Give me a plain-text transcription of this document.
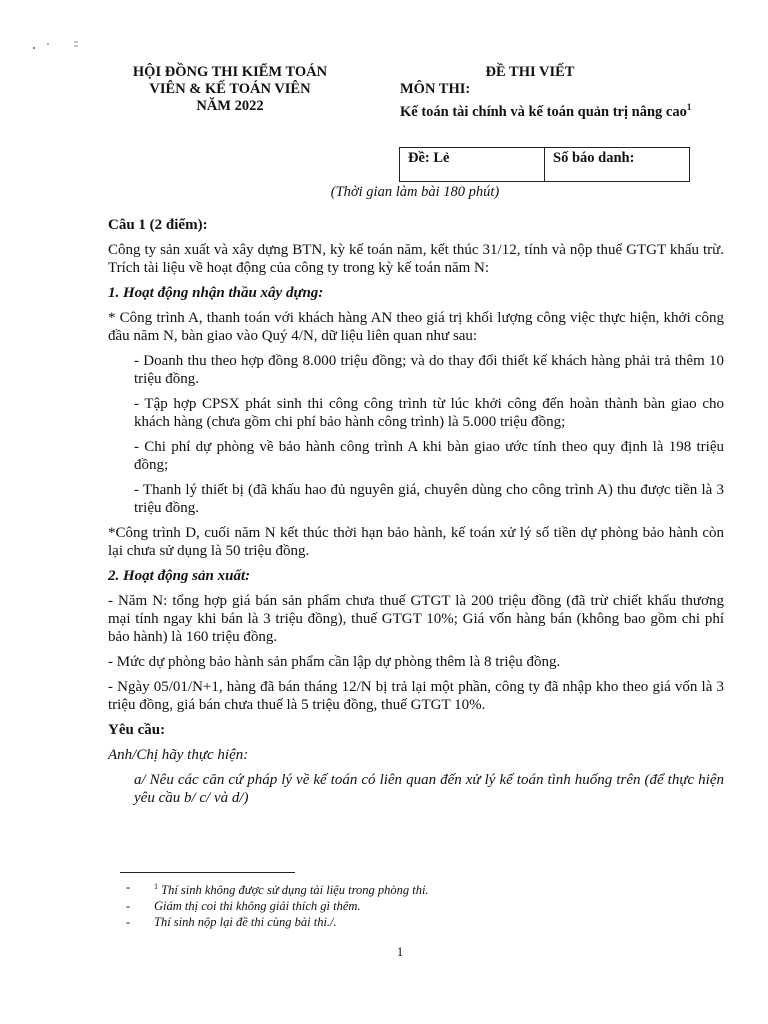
HỘI ĐỒNG THI KIỂM TOÁN
VIÊN & KẾ TOÁN VIÊN
NĂM 2022
ĐỀ THI VIẾT
MÔN THI:
Kế toán tài chính và kế toán quản trị nâng cao$^1$
Đề: Lẻ	Số báo danh:
(Thời gian làm bài 180 phút)

Câu 1 (2 điểm):

Công ty sản xuất và xây dựng BTN, kỳ kế toán năm, kết thúc 31/12, tính và nộp thuế GTGT khấu trừ. Trích tài liệu về hoạt động của công ty trong kỳ kế toán năm N:

1. Hoạt động nhận thầu xây dựng:

* Công trình A, thanh toán với khách hàng AN theo giá trị khối lượng công việc thực hiện, khởi công đầu năm N, bàn giao vào Quý 4/N, dữ liệu liên quan như sau:

- Doanh thu theo hợp đồng 8.000 triệu đồng; và do thay đổi thiết kế khách hàng phải trả thêm 10 triệu đồng.

- Tập hợp CPSX phát sinh thi công công trình từ lúc khởi công đến hoàn thành bàn giao cho khách hàng (chưa gồm chi phí bảo hành công trình) là 5.000 triệu đồng;

- Chi phí dự phòng về bảo hành công trình A khi bàn giao ước tính theo quy định là 198 triệu đồng;

- Thanh lý thiết bị (đã khấu hao đủ nguyên giá, chuyên dùng cho công trình A) thu được tiền là 3 triệu đồng.

*Công trình D, cuối năm N kết thúc thời hạn bảo hành, kế toán xử lý số tiền dự phòng bảo hành còn lại chưa sử dụng là 50 triệu đồng.

2. Hoạt động sản xuất:

- Năm N: tổng hợp giá bán sản phẩm chưa thuế GTGT là 200 triệu đồng (đã trừ chiết khấu thương mại tính ngay khi bán là 3 triệu đồng), thuế GTGT 10%; Giá vốn hàng bán (không bao gồm chi phí bảo hành) là 160 triệu đồng.

- Mức dự phòng bảo hành sản phẩm cần lập dự phòng thêm là 8 triệu đồng.

- Ngày 05/01/N+1, hàng đã bán tháng 12/N bị trả lại một phần, công ty đã nhập kho theo giá vốn là 3 triệu đồng, giá bán chưa thuế là 5 triệu đồng, thuế GTGT 10%.

Yêu cầu:

Anh/Chị hãy thực hiện:

a/ Nêu các căn cứ pháp lý về kế toán có liên quan đến xử lý kế toán tình huống trên (để thực hiện yêu cầu b/ c/ và d/)

-	$^1$ Thí sinh không được sử dụng tài liệu trong phòng thi.
-	Giám thị coi thi không giải thích gì thêm.
-	Thí sinh nộp lại đề thi cùng bài thi./.
1
